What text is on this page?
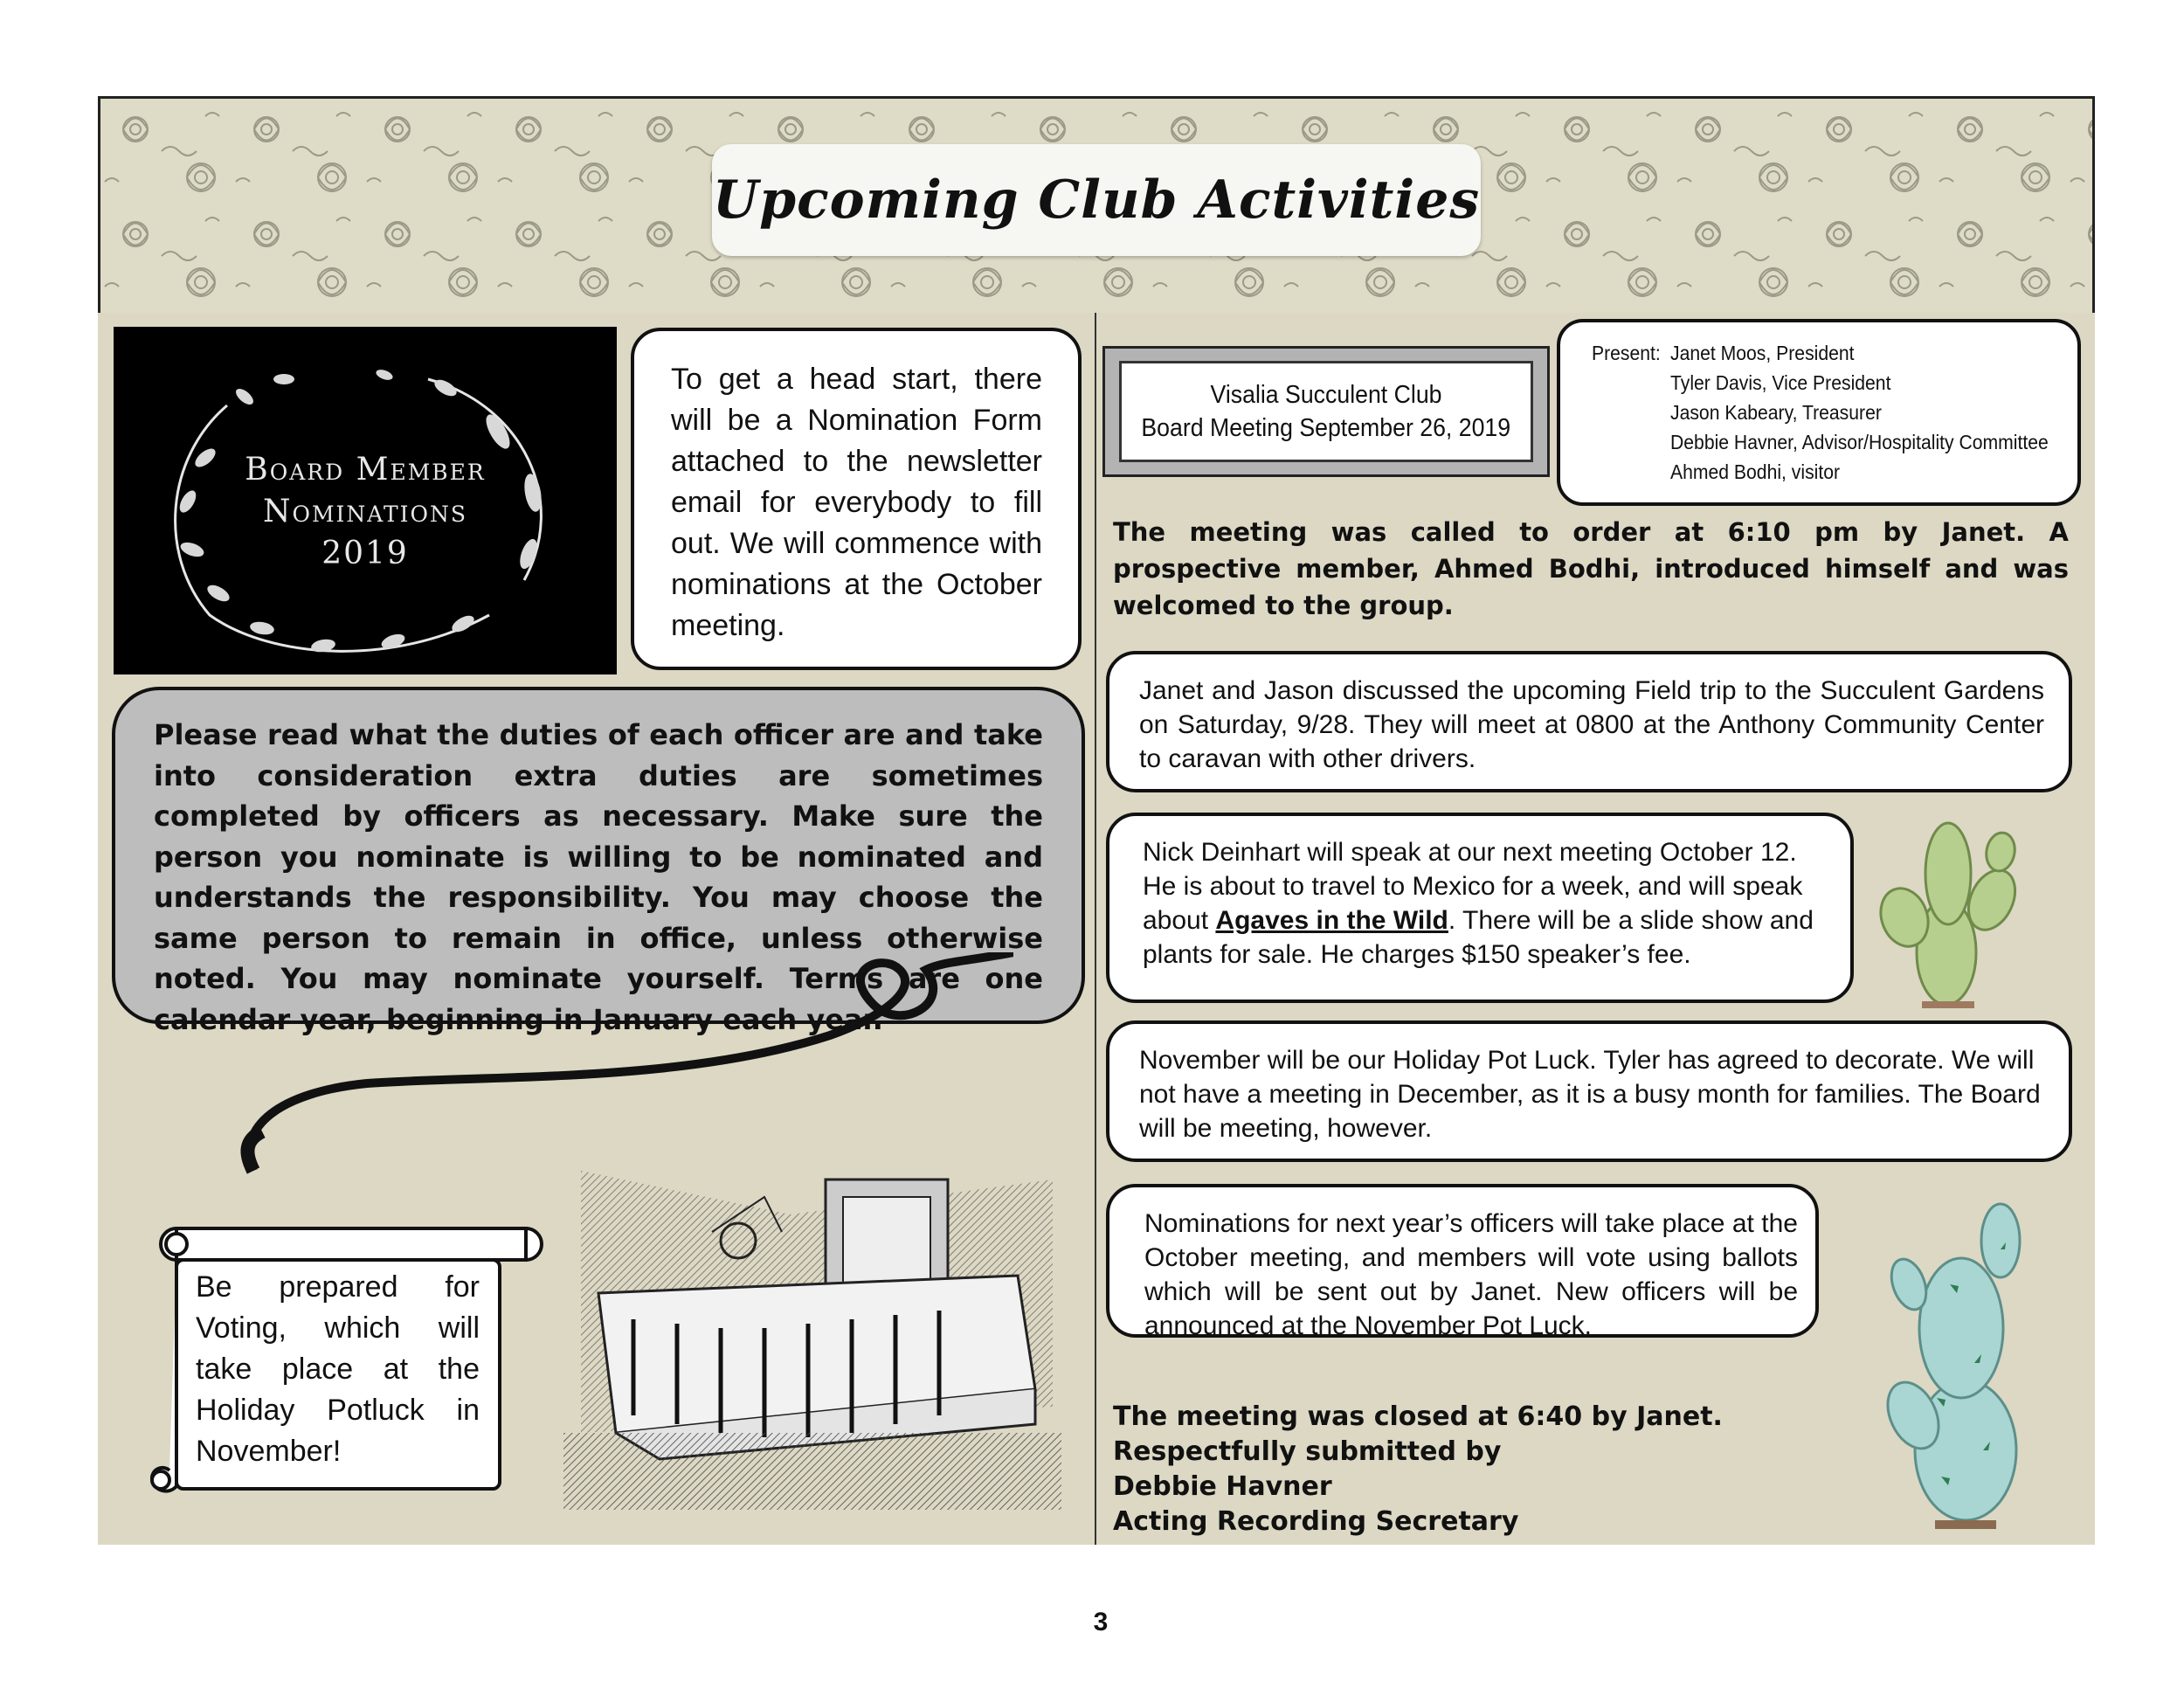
Upcoming Club Activities
Board Member
Nominations
2019
To get a head start, there will be a Nomination Form attached to the newsletter email for everybody to fill out. We will commence with nominations at the October meeting.
Please read what the duties of each officer are and take into consideration extra duties are sometimes completed by officers as necessary. Make sure the person you nominate is willing to be nominated and understands the responsibility. You may choose the same person to remain in office, unless otherwise noted. You may nominate yourself. Terms are one calendar year, beginning in January each year.
Be prepared for Voting, which will take place at the Holiday Potluck in November!
Visalia Succulent Club
Board Meeting September 26, 2019
Present: Janet Moos, President
Tyler Davis, Vice President
Jason Kabeary, Treasurer
Debbie Havner, Advisor/Hospitality Committee
Ahmed Bodhi, visitor
The meeting was called to order at 6:10 pm by Janet. A prospective member, Ahmed Bodhi, introduced himself and was welcomed to the group.
Janet and Jason discussed the upcoming Field trip to the Succulent Gardens on Saturday, 9/28. They will meet at 0800 at the Anthony Community Center to caravan with other drivers.
Nick Deinhart will speak at our next meeting October 12. He is about to travel to Mexico for a week, and will speak about Agaves in the Wild. There will be a slide show and plants for sale. He charges $150 speaker’s fee.
November will be our Holiday Pot Luck. Tyler has agreed to decorate. We will not have a meeting in December, as it is a busy month for families. The Board will be meeting, however.
Nominations for next year’s officers will take place at the October meeting, and members will vote using ballots which will be sent out by Janet. New officers will be announced at the November Pot Luck.
The meeting was closed at 6:40 by Janet.
Respectfully submitted by
Debbie Havner
Acting Recording Secretary
3
